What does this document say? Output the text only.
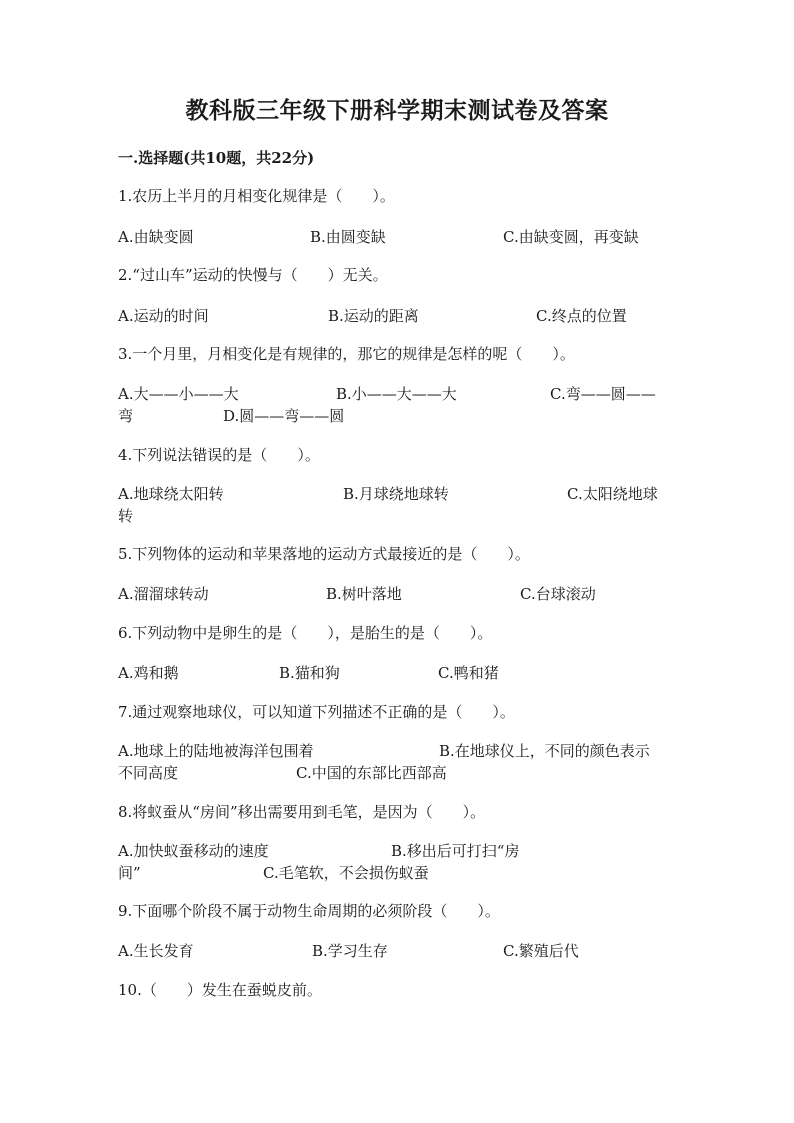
教科版三年级下册科学期末测试卷及答案
一.选择题(共10题，共22分)
1.农历上半月的月相变化规律是（　　）。
A.由缺变圆	B.由圆变缺	C.由缺变圆，再变缺
2.“过山车”运动的快慢与（　　）无关。
A.运动的时间	B.运动的距离	C.终点的位置
3.一个月里，月相变化是有规律的，那它的规律是怎样的呢（　　）。
A.大——小——大	B.小——大——大	C.弯——圆——
弯	D.圆——弯——圆
4.下列说法错误的是（　　）。
A.地球绕太阳转	B.月球绕地球转	C.太阳绕地球
转
5.下列物体的运动和苹果落地的运动方式最接近的是（　　）。
A.溜溜球转动	B.树叶落地	C.台球滚动
6.下列动物中是卵生的是（　　），是胎生的是（　　）。
A.鸡和鹅	B.猫和狗	C.鸭和猪
7.通过观察地球仪，可以知道下列描述不正确的是（　　）。
A.地球上的陆地被海洋包围着	B.在地球仪上，不同的颜色表示
不同高度	C.中国的东部比西部高
8.将蚁蚕从“房间”移出需要用到毛笔，是因为（　　）。
A.加快蚁蚕移动的速度	B.移出后可打扫“房
间”	C.毛笔软，不会损伤蚁蚕
9.下面哪个阶段不属于动物生命周期的必须阶段（　　）。
A.生长发育	B.学习生存	C.繁殖后代
10.（　　）发生在蚕蜕皮前。
